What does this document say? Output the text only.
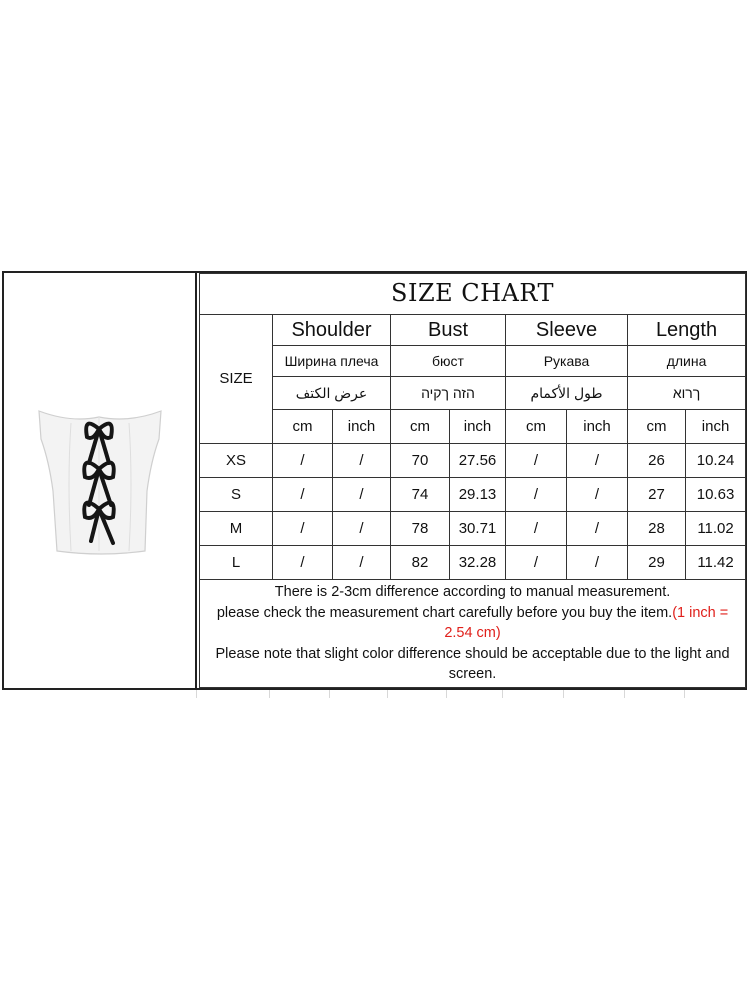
SIZE CHART								
SIZE	Shoulder		Bust		Sleeve		Length	
	Ширина плеча		бюст		Рукава		длина	
	عرض الكتف		הזה ךקיה		طول الأكمام		ךרוא	
	cm	inch	cm	inch	cm	inch	cm	inch
XS	/	/	70	27.56	/	/	26	10.24
S	/	/	74	29.13	/	/	27	10.63
M	/	/	78	30.71	/	/	28	11.02
L	/	/	82	32.28	/	/	29	11.42
There is 2-3cm difference according to manual measurement.
please check the measurement chart carefully before you buy the item.(1 inch = 2.54 cm)
Please note that slight color difference should be acceptable due to the light and screen.								
